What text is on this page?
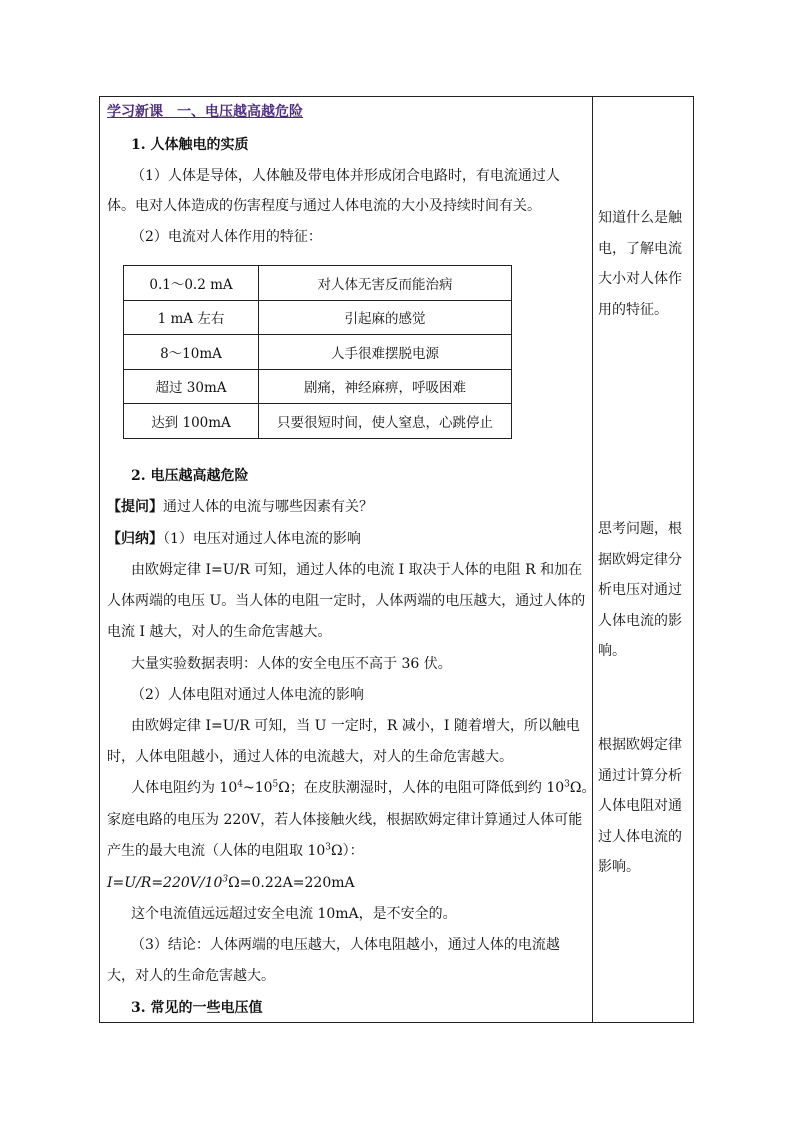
学习新课　一、电压越高越危险
1. 人体触电的实质
（1）人体是导体，人体触及带电体并形成闭合电路时，有电流通过人
体。电对人体造成的伤害程度与通过人体电流的大小及持续时间有关。
（2）电流对人体作用的特征：
0.1～0.2 mA	对人体无害反而能治病
1 mA 左右	引起麻的感觉
8～10mA	人手很难摆脱电源
超过 30mA	剧痛，神经麻痹，呼吸困难
达到 100mA	只要很短时间，使人窒息，心跳停止
2. 电压越高越危险
【提问】通过人体的电流与哪些因素有关？
【归纳】（1）电压对通过人体电流的影响
由欧姆定律 I=U/R 可知，通过人体的电流 I 取决于人体的电阻 R 和加在
人体两端的电压 U。当人体的电阻一定时，人体两端的电压越大，通过人体的
电流 I 越大，对人的生命危害越大。
大量实验数据表明：人体的安全电压不高于 36 伏。
（2）人体电阻对通过人体电流的影响
由欧姆定律 I=U/R 可知，当 U 一定时，R 减小，I 随着增大，所以触电
时，人体电阻越小，通过人体的电流越大，对人的生命危害越大。
人体电阻约为 $10^4\sim 10^5\Omega$；在皮肤潮湿时，人体的电阻可降低到约 $10^3\Omega$。
家庭电路的电压为 220V，若人体接触火线，根据欧姆定律计算通过人体可能
产生的最大电流（人体的电阻取 $10^3\Omega$）：
$I=U/R=220V/10^3\Omega=0.22A=220mA$
这个电流值远远超过安全电流 10mA，是不安全的。
（3）结论：人体两端的电压越大，人体电阻越小，通过人体的电流越
大，对人的生命危害越大。
3. 常见的一些电压值
知道什么是触
电，了解电流
大小对人体作
用的特征。
思考问题，根
据欧姆定律分
析电压对通过
人体电流的影
响。
根据欧姆定律
通过计算分析
人体电阻对通
过人体电流的
影响。
